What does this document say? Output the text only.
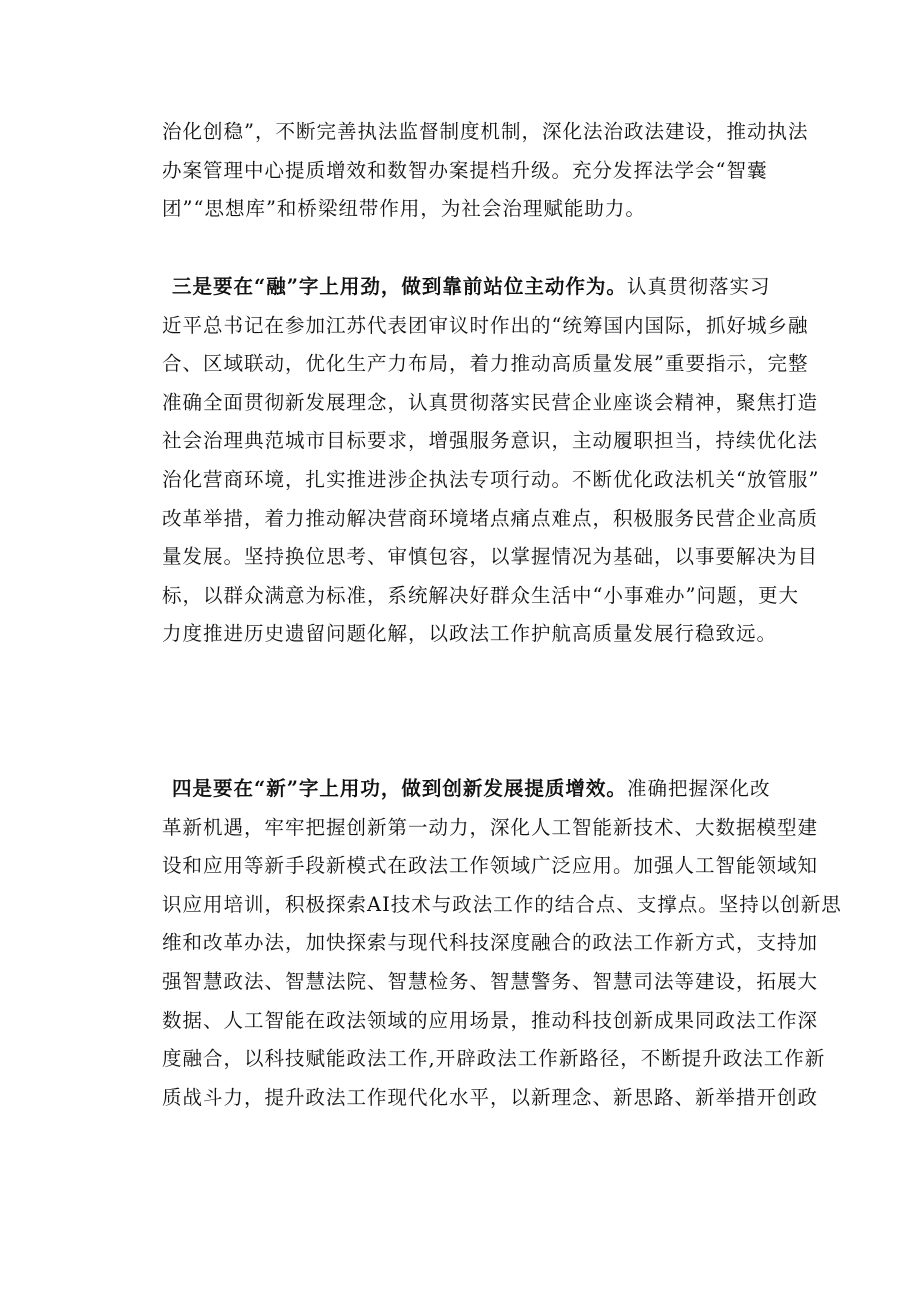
治化创稳”，不断完善执法监督制度机制，深化法治政法建设，推动执法
办案管理中心提质增效和数智办案提档升级。充分发挥法学会“智囊
团”“思想库”和桥梁纽带作用，为社会治理赋能助力。
三是要在“融”字上用劲，做到靠前站位主动作为。认真贯彻落实习
近平总书记在参加江苏代表团审议时作出的“统筹国内国际，抓好城乡融
合、区域联动，优化生产力布局，着力推动高质量发展”重要指示，完整
准确全面贯彻新发展理念，认真贯彻落实民营企业座谈会精神，聚焦打造
社会治理典范城市目标要求，增强服务意识，主动履职担当，持续优化法
治化营商环境，扎实推进涉企执法专项行动。不断优化政法机关“放管服”
改革举措，着力推动解决营商环境堵点痛点难点，积极服务民营企业高质
量发展。坚持换位思考、审慎包容，以掌握情况为基础，以事要解决为目
标，以群众满意为标准，系统解决好群众生活中“小事难办”问题，更大
力度推进历史遗留问题化解，以政法工作护航高质量发展行稳致远。
四是要在“新”字上用功，做到创新发展提质增效。准确把握深化改
革新机遇，牢牢把握创新第一动力，深化人工智能新技术、大数据模型建
设和应用等新手段新模式在政法工作领域广泛应用。加强人工智能领域知
识应用培训，积极探索AI技术与政法工作的结合点、支撑点。坚持以创新思
维和改革办法，加快探索与现代科技深度融合的政法工作新方式，支持加
强智慧政法、智慧法院、智慧检务、智慧警务、智慧司法等建设，拓展大
数据、人工智能在政法领域的应用场景，推动科技创新成果同政法工作深
度融合，以科技赋能政法工作,开辟政法工作新路径，不断提升政法工作新
质战斗力，提升政法工作现代化水平，以新理念、新思路、新举措开创政
